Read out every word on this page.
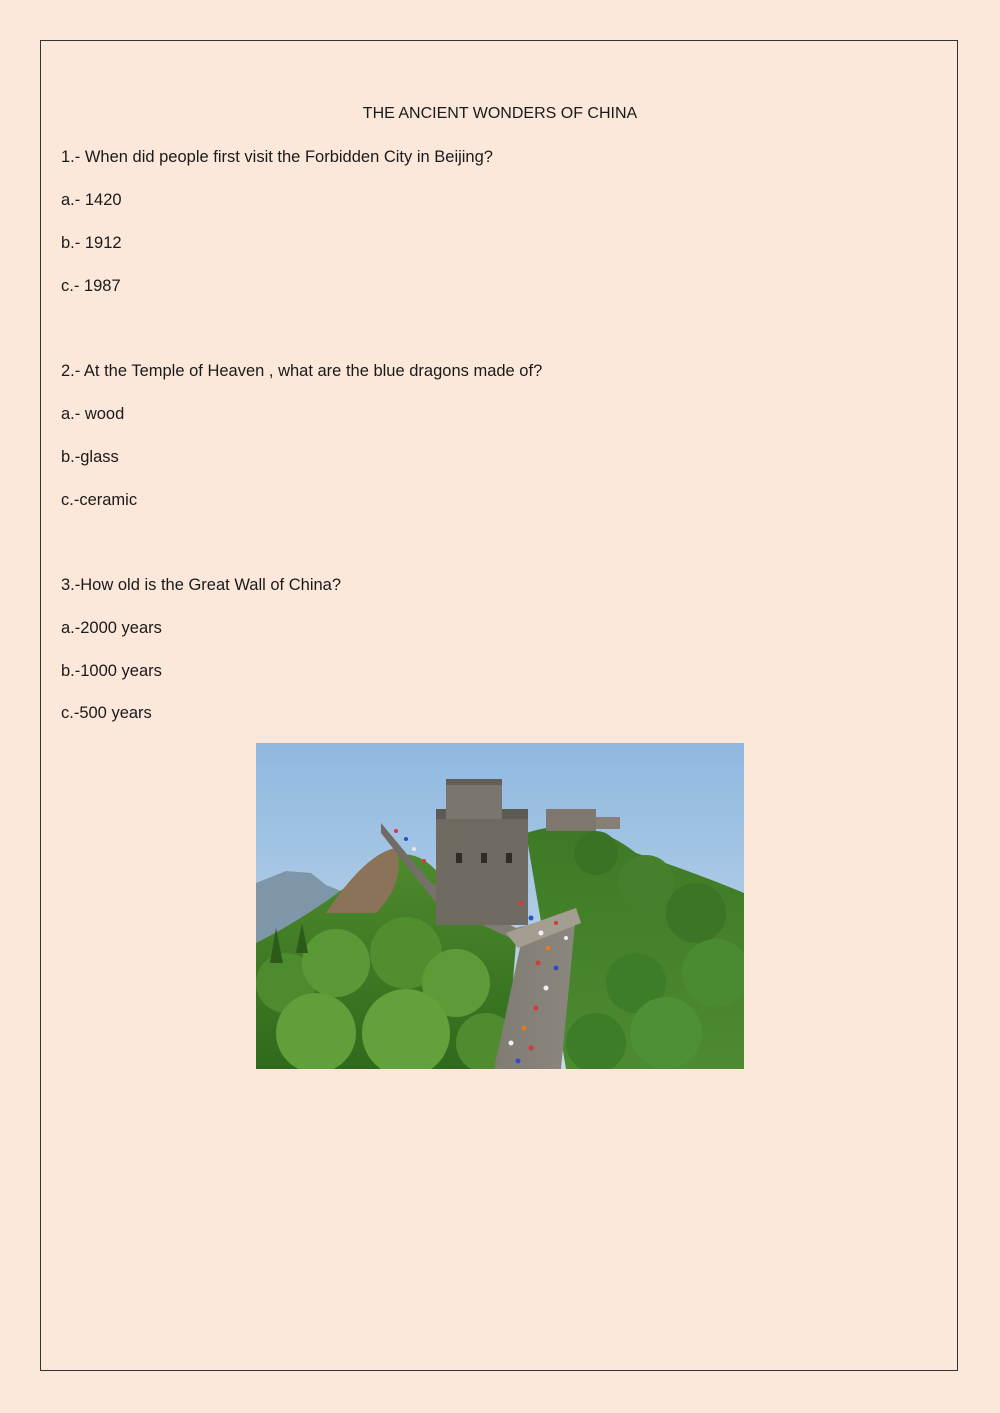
THE ANCIENT WONDERS OF CHINA
1.- When did people first visit the Forbidden City in Beijing?
a.- 1420
b.- 1912
c.- 1987
2.- At the Temple of Heaven , what are the blue dragons made of?
a.- wood
b.-glass
c.-ceramic
3.-How old is the Great Wall of China?
a.-2000 years
b.-1000 years
c.-500 years
